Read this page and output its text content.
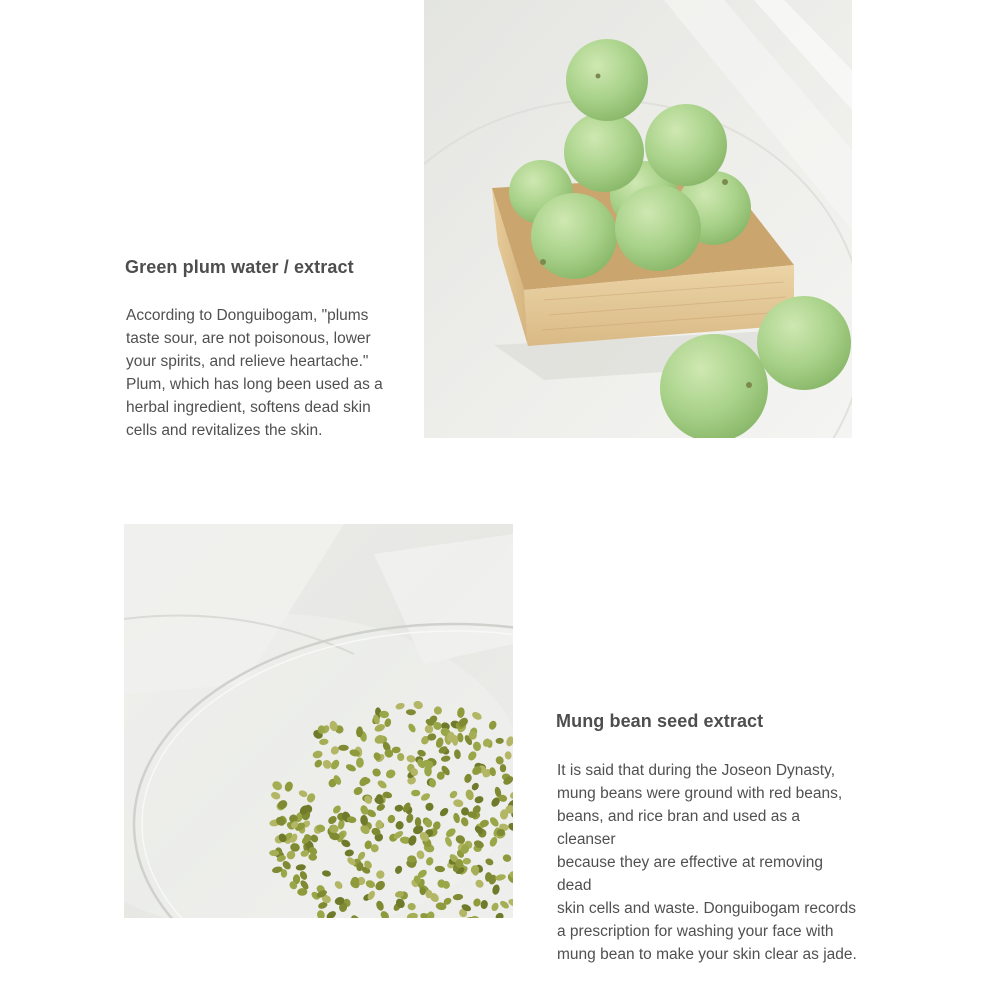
Green plum water / extract

According to Donguibogam, "plums
taste sour, are not poisonous, lower
your spirits, and relieve heartache."
Plum, which has long been used as a
herbal ingredient, softens dead skin
cells and revitalizes the skin.

Mung bean seed extract

It is said that during the Joseon Dynasty,
mung beans were ground with red beans,
beans, and rice bran and used as a cleanser
because they are effective at removing dead
skin cells and waste. Donguibogam records
a prescription for washing your face with
mung bean to make your skin clear as jade.
